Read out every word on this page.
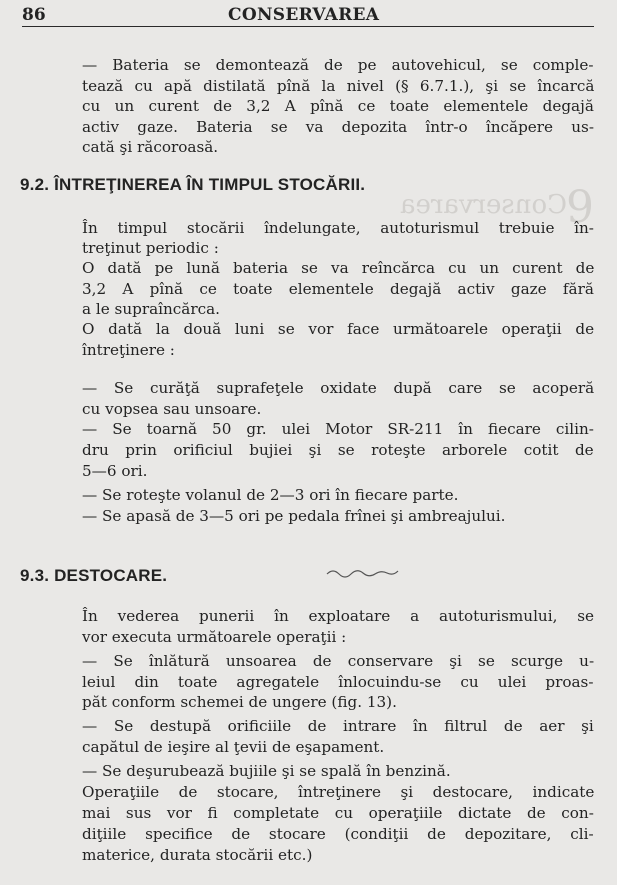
9
Conservarea
86	CONSERVAREA
— Bateria se demontează de pe autovehicul, se comple-
tează cu apă distilată pînă la nivel (§ 6.7.1.), şi se încarcă
cu un curent de 3,2 A pînă ce toate elementele degajă
activ gaze. Bateria se va depozita într-o încăpere us-
cată şi răcoroasă.
9.2. ÎNTREŢINEREA ÎN TIMPUL STOCĂRII.
În timpul stocării îndelungate, autoturismul trebuie în-
treţinut periodic :
O dată pe lună bateria se va reîncărca cu un curent de
3,2 A pînă ce toate elementele degajă activ gaze fără
a le supraîncărca.
O dată la două luni se vor face următoarele operaţii de
întreţinere :
— Se curăţă suprafeţele oxidate după care se acoperă
cu vopsea sau unsoare.
— Se toarnă 50 gr. ulei Motor SR-211 în fiecare cilin-
dru prin orificiul bujiei şi se roteşte arborele cotit de
5—6 ori.
— Se roteşte volanul de 2—3 ori în fiecare parte.
— Se apasă de 3—5 ori pe pedala frînei şi ambreajului.
9.3. DESTOCARE.
În vederea punerii în exploatare a autoturismului, se
vor executa următoarele operaţii :
— Se înlătură unsoarea de conservare şi se scurge u-
leiul din toate agregatele înlocuindu-se cu ulei proas-
păt conform schemei de ungere (fig. 13).
— Se destupă orificiile de intrare în filtrul de aer şi
capătul de ieşire al ţevii de eşapament.
— Se deşurubează bujiile şi se spală în benzină.
Operaţiile de stocare, întreţinere şi destocare, indicate
mai sus vor fi completate cu operaţiile dictate de con-
diţiile specifice de stocare (condiţii de depozitare, cli-
materice, durata stocării etc.)
